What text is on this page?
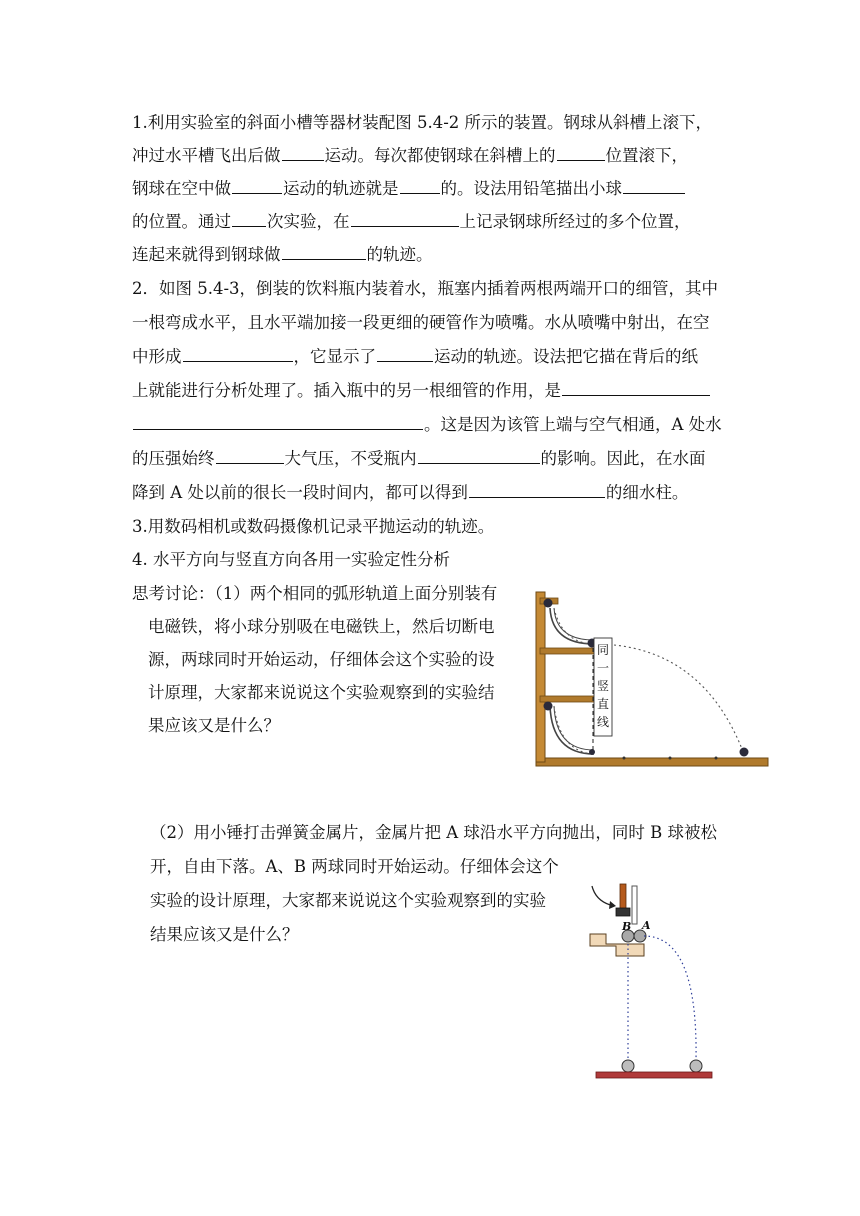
1.利用实验室的斜面小槽等器材装配图 5.4-2 所示的装置。钢球从斜槽上滚下，
冲过水平槽飞出后做	运动。每次都使钢球在斜槽上的	位置滚下，
钢球在空中做	运动的轨迹就是	的。设法用铅笔描出小球
的位置。通过 次实验，在	上记录钢球所经过的多个位置，
连起来就得到钢球做	的轨迹。
2．如图 5.4-3，倒装的饮料瓶内装着水，瓶塞内插着两根两端开口的细管，其中
一根弯成水平，且水平端加接一段更细的硬管作为喷嘴。水从喷嘴中射出，在空
中形成	，它显示了	运动的轨迹。设法把它描在背后的纸
上就能进行分析处理了。插入瓶中的另一根细管的作用，是
。这是因为该管上端与空气相通，A 处水
的压强始终	大气压，不受瓶内	的影响。因此，在水面
降到 A 处以前的很长一段时间内，都可以得到	的细水柱。
3.用数码相机或数码摄像机记录平抛运动的轨迹。
4. 水平方向与竖直方向各用一实验定性分析
思考讨论：（1）两个相同的弧形轨道上面分别装有
电磁铁，将小球分别吸在电磁铁上，然后切断电
源，两球同时开始运动，仔细体会这个实验的设
计原理，大家都来说说这个实验观察到的实验结
果应该又是什么？
同
一
竖
直
线
（2）用小锤打击弹簧金属片，金属片把 A 球沿水平方向抛出，同时 B 球被松
开，自由下落。A、B 两球同时开始运动。仔细体会这个
实验的设计原理，大家都来说说这个实验观察到的实验
结果应该又是什么？	B A
